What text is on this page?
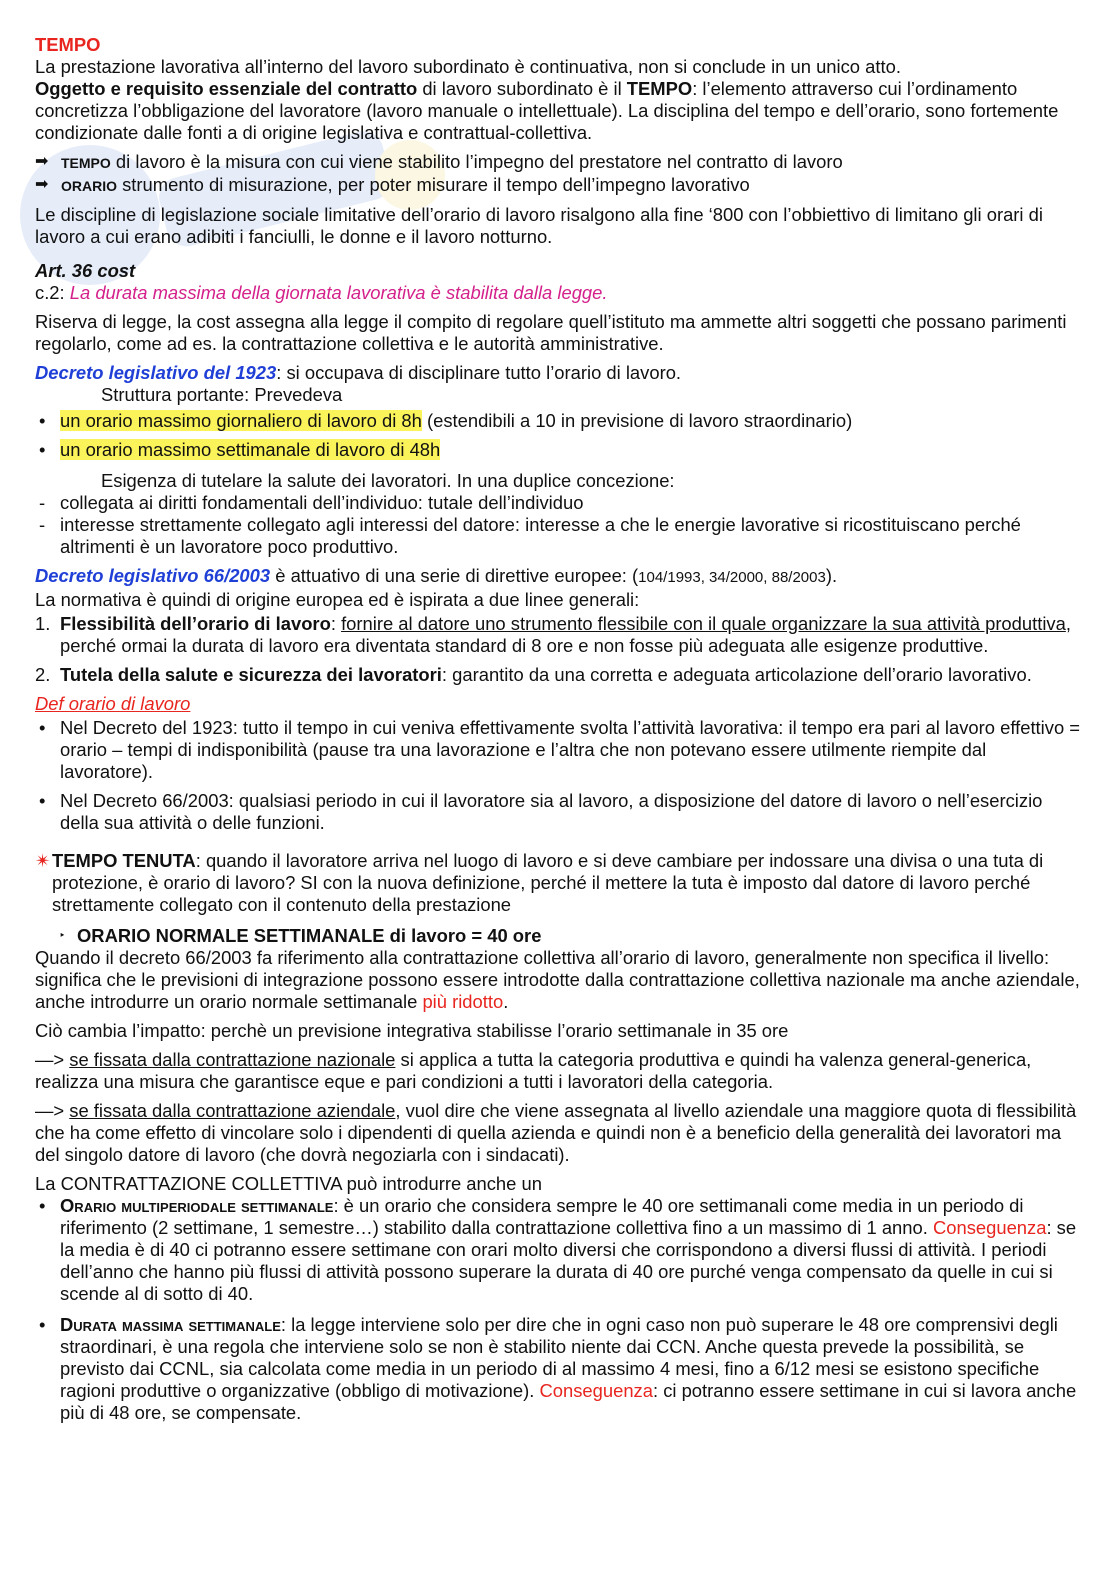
TEMPO

La prestazione lavorativa all’interno del lavoro subordinato è continuativa, non si conclude in un unico atto.

Oggetto e requisito essenziale del contratto di lavoro subordinato è il TEMPO: l’elemento attraverso cui l’ordinamento concretizza l’obbligazione del lavoratore (lavoro manuale o intellettuale). La disciplina del tempo e dell’orario, sono fortemente condizionate dalle fonti a di origine legislativa e contrattual-collettiva.

➡ TEMPO di lavoro è la misura con cui viene stabilito l’impegno del prestatore nel contratto di lavoro
➡ ORARIO strumento di misurazione, per poter misurare il tempo dell’impegno lavorativo

Le discipline di legislazione sociale limitative dell’orario di lavoro risalgono alla fine ‘800 con l’obbiettivo di limitano gli orari di lavoro a cui erano adibiti i fanciulli, le donne e il lavoro notturno.

Art. 36 cost

c.2: La durata massima della giornata lavorativa è stabilita dalla legge.

Riserva di legge, la cost assegna alla legge il compito di regolare quell’istituto ma ammette altri soggetti che possano parimenti regolarlo, come ad es. la contrattazione collettiva e le autorità amministrative.

Decreto legislativo del 1923: si occupava di disciplinare tutto l’orario di lavoro.

Struttura portante: Prevedeva

• un orario massimo giornaliero di lavoro di 8h (estendibili a 10 in previsione di lavoro straordinario)
• un orario massimo settimanale di lavoro di 48h

Esigenza di tutelare la salute dei lavoratori. In una duplice concezione:

- collegata ai diritti fondamentali dell’individuo: tutale dell’individuo
- interesse strettamente collegato agli interessi del datore: interesse a che le energie lavorative si ricostituiscano perché altrimenti è un lavoratore poco produttivo.

Decreto legislativo 66/2003 è attuativo di una serie di direttive europee: (104/1993, 34/2000, 88/2003).

La normativa è quindi di origine europea ed è ispirata a due linee generali:

1. Flessibilità dell’orario di lavoro: fornire al datore uno strumento flessibile con il quale organizzare la sua attività produttiva, perché ormai la durata di lavoro era diventata standard di 8 ore e non fosse più adeguata alle esigenze produttive.
2. Tutela della salute e sicurezza dei lavoratori: garantito da una corretta e adeguata articolazione dell’orario lavorativo.

Def orario di lavoro

• Nel Decreto del 1923: tutto il tempo in cui veniva effettivamente svolta l’attività lavorativa: il tempo era pari al lavoro effettivo = orario – tempi di indisponibilità (pause tra una lavorazione e l’altra che non potevano essere utilmente riempite dal lavoratore).
• Nel Decreto 66/2003: qualsiasi periodo in cui il lavoratore sia al lavoro, a disposizione del datore di lavoro o nell’esercizio della sua attività o delle funzioni.
✴ TEMPO TENUTA: quando il lavoratore arriva nel luogo di lavoro e si deve cambiare per indossare una divisa o una tuta di protezione, è orario di lavoro? SI con la nuova definizione, perché il mettere la tuta è imposto dal datore di lavoro perché strettamente collegato con il contenuto della prestazione
‣ ORARIO NORMALE SETTIMANALE di lavoro = 40 ore

Quando il decreto 66/2003 fa riferimento alla contrattazione collettiva all’orario di lavoro, generalmente non specifica il livello: significa che le previsioni di integrazione possono essere introdotte dalla contrattazione collettiva nazionale ma anche aziendale, anche introdurre un orario normale settimanale più ridotto.

Ciò cambia l’impatto: perchè un previsione integrativa stabilisse l’orario settimanale in 35 ore

—> se fissata dalla contrattazione nazionale si applica a tutta la categoria produttiva e quindi ha valenza general-generica, realizza una misura che garantisce eque e pari condizioni a tutti i lavoratori della categoria.

—> se fissata dalla contrattazione aziendale, vuol dire che viene assegnata al livello aziendale una maggiore quota di flessibilità che ha come effetto di vincolare solo i dipendenti di quella azienda e quindi non è a beneficio della generalità dei lavoratori ma del singolo datore di lavoro (che dovrà negoziarla con i sindacati).

La CONTRATTAZIONE COLLETTIVA può introdurre anche un

• Orario multiperiodale settimanale: è un orario che considera sempre le 40 ore settimanali come media in un periodo di riferimento (2 settimane, 1 semestre…) stabilito dalla contrattazione collettiva fino a un massimo di 1 anno. Conseguenza: se la media è di 40 ci potranno essere settimane con orari molto diversi che corrispondono a diversi flussi di attività. I periodi dell’anno che hanno più flussi di attività possono superare la durata di 40 ore purché venga compensato da quelle in cui si scende al di sotto di 40.
• Durata massima settimanale: la legge interviene solo per dire che in ogni caso non può superare le 48 ore comprensivi degli straordinari, è una regola che interviene solo se non è stabilito niente dai CCN. Anche questa prevede la possibilità, se previsto dai CCNL, sia calcolata come media in un periodo di al massimo 4 mesi, fino a 6/12 mesi se esistono specifiche ragioni produttive o organizzative (obbligo di motivazione). Conseguenza: ci potranno essere settimane in cui si lavora anche più di 48 ore, se compensate.
